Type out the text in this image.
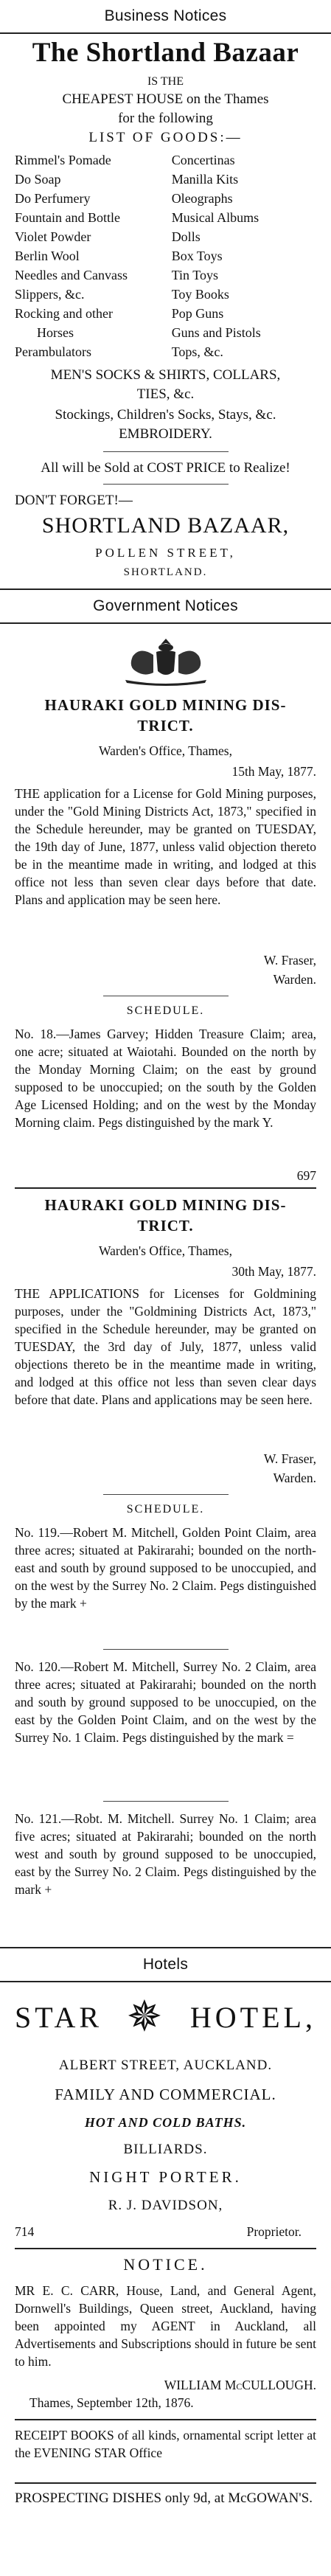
Business Notices
The Shortland Bazaar
IS THE
CHEAPEST HOUSE on the Thames
for the following
LIST OF GOODS:—
Rimmel's Pomade
Do Soap
Do Perfumery
Fountain and Bottle
Violet Powder
Berlin Wool
Needles and Canvass
Slippers, &c.
Rocking and other
Horses
Perambulators
Concertinas
Manilla Kits
Oleographs
Musical Albums
Dolls
Box Toys
Tin Toys
Toy Books
Pop Guns
Guns and Pistols
Tops, &c.
MEN'S SOCKS & SHIRTS, COLLARS,
TIES, &c.
Stockings, Children's Socks, Stays, &c.
EMBROIDERY.
All will be Sold at COST PRICE to Realize!
DON'T FORGET!—
SHORTLAND BAZAAR,
POLLEN STREET,
SHORTLAND.
Government Notices
HAURAKI GOLD MINING DIS-
TRICT.
Warden's Office, Thames,
15th May, 1877.
THE application for a License for Gold Mining purposes, under the "Gold Mining Districts Act, 1873," specified in the Schedule hereunder, may be granted on TUESDAY, the 19th day of June, 1877, unless valid objection thereto be in the meantime made in writing, and lodged at this office not less than seven clear days before that date. Plans and application may be seen here.
W. Fraser,
Warden.
SCHEDULE.
No. 18.—James Garvey; Hidden Treasure Claim; area, one acre; situated at Waiotahi. Bounded on the north by the Monday Morning Claim; on the east by ground supposed to be unoccupied; on the south by the Golden Age Licensed Holding; and on the west by the Monday Morning claim. Pegs distinguished by the mark Y.
697
HAURAKI GOLD MINING DIS-
TRICT.
Warden's Office, Thames,
30th May, 1877.
THE APPLICATIONS for Licenses for Goldmining purposes, under the "Goldmining Districts Act, 1873," specified in the Schedule hereunder, may be granted on TUESDAY, the 3rd day of July, 1877, unless valid objections thereto be in the meantime made in writing, and lodged at this office not less than seven clear days before that date. Plans and applications may be seen here.
W. Fraser,
Warden.
SCHEDULE.
No. 119.—Robert M. Mitchell, Golden Point Claim, area three acres; situated at Pakirarahi; bounded on the north-east and south by ground supposed to be unoccupied, and on the west by the Surrey No. 2 Claim. Pegs distinguished by the mark +
No. 120.—Robert M. Mitchell, Surrey No. 2 Claim, area three acres; situated at Pakirarahi; bounded on the north and south by ground supposed to be unoccupied, on the east by the Golden Point Claim, and on the west by the Surrey No. 1 Claim. Pegs distinguished by the mark =
No. 121.—Robt. M. Mitchell. Surrey No. 1 Claim; area five acres; situated at Pakirarahi; bounded on the north west and south by ground supposed to be unoccupied, east by the Surrey No. 2 Claim. Pegs distinguished by the mark +
Hotels
STAR ✵ HOTEL,
ALBERT STREET, AUCKLAND.
FAMILY AND COMMERCIAL.
HOT AND COLD BATHS.
BILLIARDS.
NIGHT PORTER.
R. J. DAVIDSON,
714	Proprietor.
NOTICE.
MR E. C. CARR, House, Land, and General Agent, Dornwell's Buildings, Queen street, Auckland, having been appointed my AGENT in Auckland, all Advertisements and Subscriptions should in future be sent to him.
WILLIAM McCULLOUGH.
Thames, September 12th, 1876.
RECEIPT BOOKS of all kinds, ornamental script letter at the EVENING STAR Office
PROSPECTING DISHES only 9d, at McGOWAN'S.
